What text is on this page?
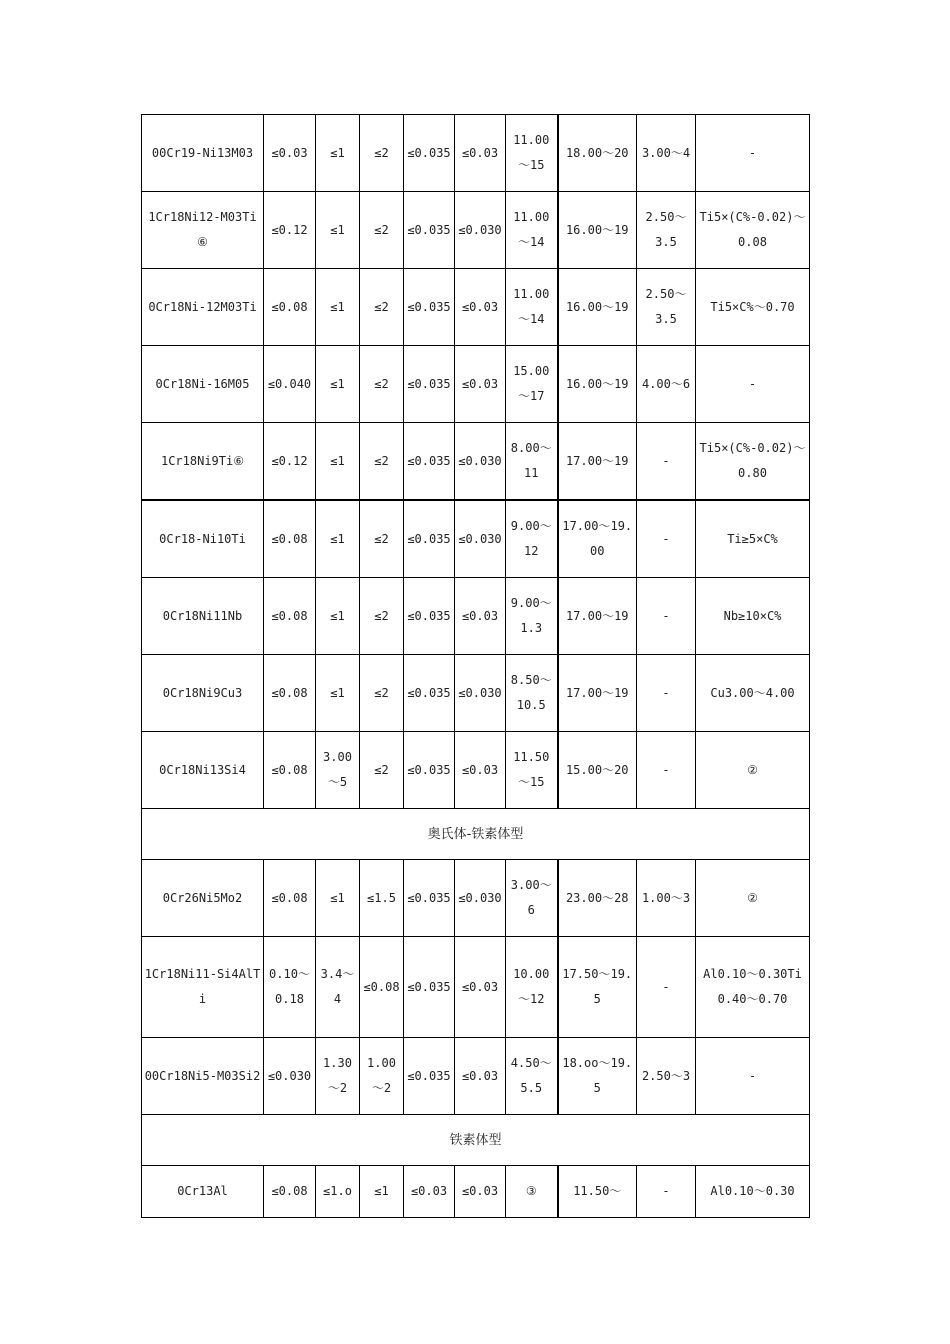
00Cr19-Ni13M03	≤0.03	≤1	≤2	≤0.035	≤0.03	11.00～15	18.00～20	3.00～4	-
1Cr18Ni12-M03Ti⑥	≤0.12	≤1	≤2	≤0.035	≤0.030	11.00～14	16.00～19	2.50～3.5	Ti5×(C%-0.02)～0.08
0Cr18Ni-12M03Ti	≤0.08	≤1	≤2	≤0.035	≤0.03	11.00～14	16.00～19	2.50～3.5	Ti5×C%～0.70
0Cr18Ni-16M05	≤0.040	≤1	≤2	≤0.035	≤0.03	15.00～17	16.00～19	4.00～6	-
1Cr18Ni9Ti⑥	≤0.12	≤1	≤2	≤0.035	≤0.030	8.00～11	17.00～19	-	Ti5×(C%-0.02)～0.80
0Cr18-Ni10Ti	≤0.08	≤1	≤2	≤0.035	≤0.030	9.00～12	17.00～19.00	-	Ti≥5×C%
0Cr18Ni11Nb	≤0.08	≤1	≤2	≤0.035	≤0.03	9.00～1.3	17.00～19	-	Nb≥10×C%
0Cr18Ni9Cu3	≤0.08	≤1	≤2	≤0.035	≤0.030	8.50～10.5	17.00～19	-	Cu3.00～4.00
0Cr18Ni13Si4	≤0.08	3.00～5	≤2	≤0.035	≤0.03	11.50～15	15.00～20	-	②
奥氏体-铁素体型									
0Cr26Ni5Mo2	≤0.08	≤1	≤1.5	≤0.035	≤0.030	3.00～6	23.00～28	1.00～3	②
1Cr18Ni11-Si4AlTi	0.10～0.18	3.4～4	≤0.08	≤0.035	≤0.03	10.00～12	17.50～19.5	-	Al0.10～0.30Ti0.40～0.70
00Cr18Ni5-M03Si2	≤0.030	1.30～2	1.00～2	≤0.035	≤0.03	4.50～5.5	18.oo～19.5	2.50～3	-
铁素体型									
0Cr13Al	≤0.08	≤1.o	≤1	≤0.03	≤0.03	③	11.50～	-	Al0.10～0.30
